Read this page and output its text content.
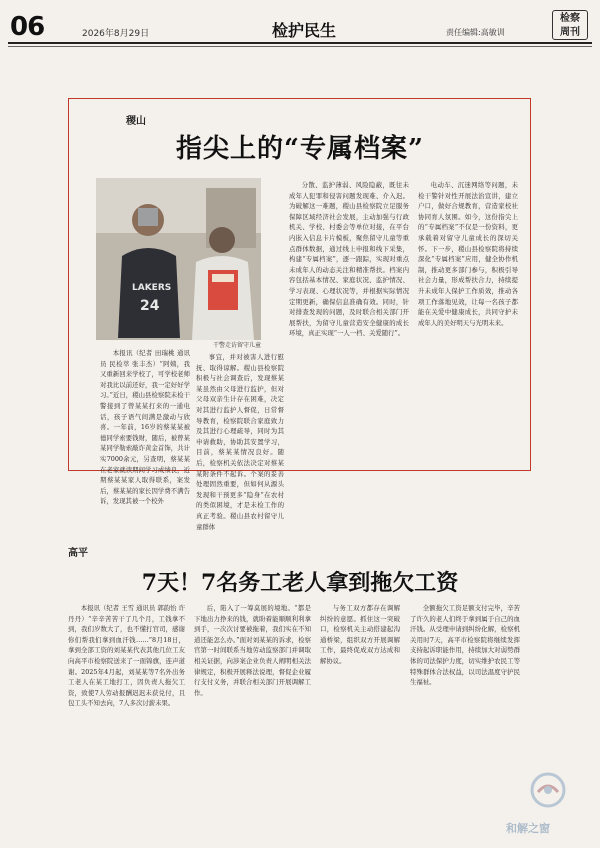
06	2026年8月29日	检护民生	责任编辑:高敏训
检察
周刊
稷山
指尖上的“专属档案”
LAKERS
24
干警走访留守儿童

本报讯（纪者 田瑞桃 通讯员 民检萃 张丰杰）“阿姨，我又重新回来学校了，可学校老师对我比以前还好，我一定好好学习。”近日，稷山县检察院未检干警接到了曾某某打来的一通电话，孩子语气间满是激动与欣喜。一年前，16岁的蔡某某被德同学索要钱财，随后，被曾某某同学勒索敲诈黄金首饰，共计实7000余元，另查明，蔡某某在老家就读期间学习成绩良，近期蔡某某家人取得联系，案发后，蔡某某的家长因学费不满告诉，发现其被一个校外

事宜，并对被害人进行慰抚、取得谅解。稷山县检察院积极与社会调查后，发现蔡某某虽然由父母进行监护，但对父母双亲生计存在困难，决定对其进行监护人督促，日常督导教育，检察院联合家庭致力及其进行心理疏导，同时为其申请救助，协助其安置学习，目前，蔡某某情况良好。随后，检察机关依法决定对蔡某某附条件不起诉。个案的妥善处理固然重要，但如何从源头发现和干预更多“隐身”在农村的类似困境，才是未检工作的真正考验。稷山县农村留守儿童群体

分散、监护薄弱、风险隐蔽，既往未成年人犯罪和侵害问题发现难、介入迟。为破解这一难题，稷山县检察院立足服务保障区域经济社会发展，主动加强与行政机关、学校、村委会等单位对接，在平台内嵌入信息卡片模板，聚焦留守儿童等重点群体数据，通过线上申报和线下采集，构建“专属档案”，逐一跟踪，实现对重点未成年人的动态关注和精准帮扶。档案内容包括基本情况、家庭状况、监护情况、学习表现、心理状况等，并根据实际情况定期更新，确保信息准确有效。同时，针对排查发现的问题，及时联合相关部门开展帮扶，为留守儿童营造安全健康的成长环境，真正实现“一人一档、关爱随行”。

电动车、沉迷网络等问题，未检干警针对性开展法治宣讲，建立户口，做好合规教育，营造家校社协同育人氛围。如今，这份指尖上的“专属档案”不仅是一份资料，更承载着对留守儿童成长的深切关怀。下一步，稷山县检察院将持续深化“专属档案”应用，健全协作机制，推动更多部门参与，积极引导社会力量，形成帮扶合力，持续提升未成年人保护工作质效，推动各项工作落地见效，让每一名孩子都能在关爱中健康成长，共同守护未成年人的美好明天与光明未来。

高平
7天！7名务工老人拿到拖欠工资

本报讯（纪者 王雪 通讯员 郭韵怡 许丹丹）“辛辛苦苦干了几个月，工钱拿不到，我们岁数大了，也不懂打官司，感谢你们帮我们拿到血汗钱……”8月18日，拿到全部工资的刘某某代表其他几位工友向高平市检察院送来了一面锦旗，连声道谢。2025年4月起，刘某某等7名外出务工老人在某工地打工，因负责人拖欠工资，致使7人劳动报酬迟迟未获兑付，且包工头不知去向，7人多次讨薪未果。

后，陷入了一筹莫展的境地。“都是下地出力挣来的钱，就盼着能顺顺利利拿到手，一次次讨要被拖着，我们实在不知道还能怎么办。”面对刘某某的诉求，检察官第一时间联系当地劳动监察部门并调取相关证据，向涉案企业负责人阐明相关法律规定，积极开展释法说理，督促企业履行支付义务，并联合相关部门开展调解工作。

与务工双方都存在调解纠纷的意愿。抓住这一突破口，检察机关主动搭建起沟通桥梁，组织双方开展调解工作，最终促成双方达成和解协议。

全额拖欠工资足额支付完毕，辛苦了许久的老人们终于拿到属于自己的血汗钱。从受理申请到纠纷化解，检察机关用时7天，高平市检察院将继续发挥支持起诉职能作用，持续加大对弱势群体的司法保护力度，切实维护农民工等特殊群体合法权益，以司法温度守护民生福祉。

和解之窗
